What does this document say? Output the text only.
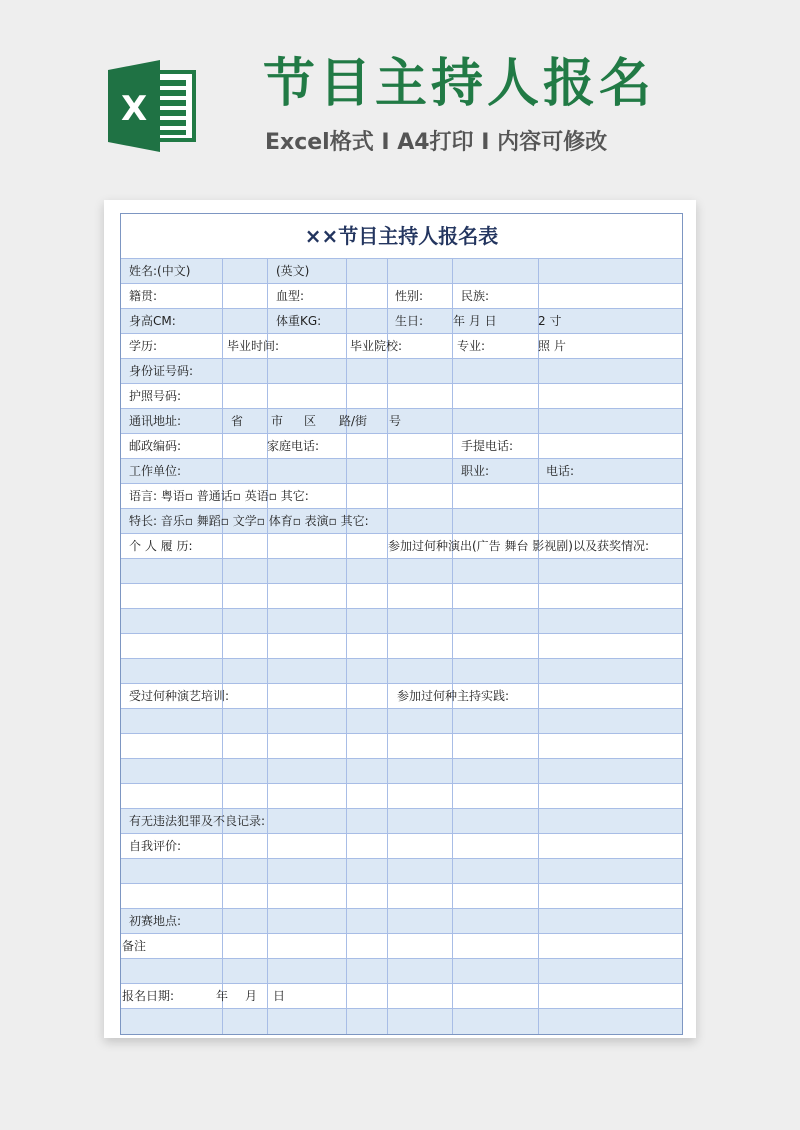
X 节目主持人报名
Excel格式 I A4打印 I 内容可修改
××节目主持人报名表
姓名:(中文)	(英文)
籍贯:	血型:	性别:	民族:
身高CM:	体重KG:	生日: 年 月 日	2 寸
学历:	毕业时间:	毕业院校:	专业:	照 片
身份证号码:
护照号码:
通讯地址:	省 市 区 路/街 号
邮政编码:	家庭电话:	手提电话:
工作单位:	职业:	电话:
语言: 粤语▫ 普通话▫ 英语▫ 其它:
特长: 音乐▫ 舞蹈▫ 文学▫ 体育▫ 表演▫ 其它:
个 人 履 历:	参加过何种演出(广告 舞台 影视剧)以及获奖情况:
受过何种演艺培训:	参加过何种主持实践:
有无违法犯罪及不良记录:
自我评价:
初赛地点:
备注
报名日期:	年 月 日
